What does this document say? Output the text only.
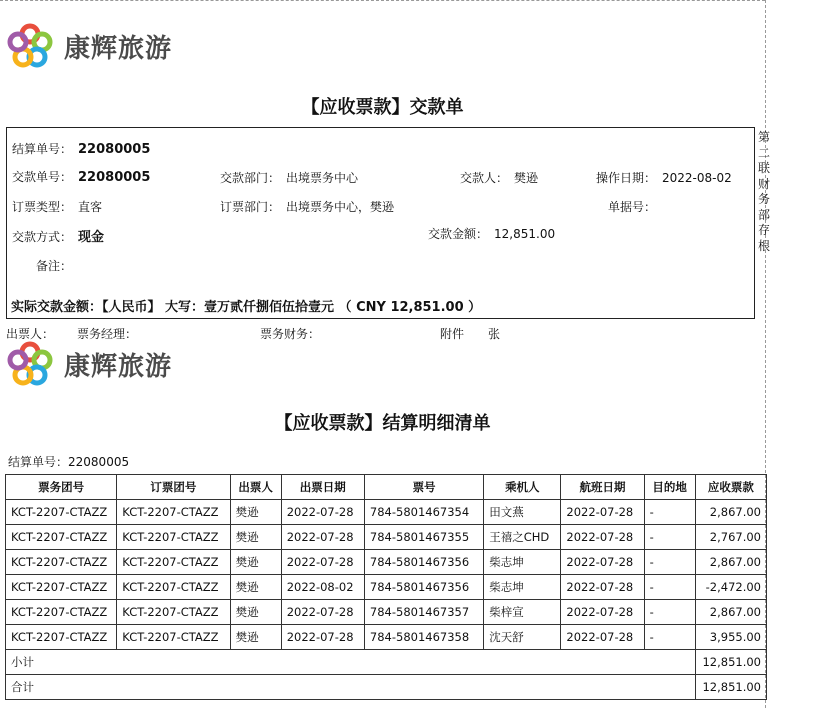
康辉旅游
【应收票款】交款单
结算单号： 22080005
交款单号： 22080005	交款部门： 出境票务中心	交款人： 樊逊	操作日期： 2022-08-02
订票类型： 直客	订票部门： 出境票务中心，樊逊	单据号：
交款方式： 现金	交款金额： 12,851.00
备注：
实际交款金额：【人民币】 大写：壹万贰仟捌佰伍拾壹元 （ CNY 12,851.00 ）
第二联财务部存根
出票人： 票务经理：	票务财务：	附件 张
康辉旅游
【应收票款】结算明细清单
结算单号：22080005
票务团号	订票团号	出票人	出票日期	票号	乘机人	航班日期	目的地	应收票款
KCT-2207-CTAZZ	KCT-2207-CTAZZ	樊逊	2022-07-28	784-5801467354	田文燕	2022-07-28	-	2,867.00
KCT-2207-CTAZZ	KCT-2207-CTAZZ	樊逊	2022-07-28	784-5801467355	王禧之CHD	2022-07-28	-	2,767.00
KCT-2207-CTAZZ	KCT-2207-CTAZZ	樊逊	2022-07-28	784-5801467356	柴志坤	2022-07-28	-	2,867.00
KCT-2207-CTAZZ	KCT-2207-CTAZZ	樊逊	2022-08-02	784-5801467356	柴志坤	2022-07-28	-	-2,472.00
KCT-2207-CTAZZ	KCT-2207-CTAZZ	樊逊	2022-07-28	784-5801467357	柴梓宣	2022-07-28	-	2,867.00
KCT-2207-CTAZZ	KCT-2207-CTAZZ	樊逊	2022-07-28	784-5801467358	沈天舒	2022-07-28	-	3,955.00
小计								12,851.00
合计								12,851.00
